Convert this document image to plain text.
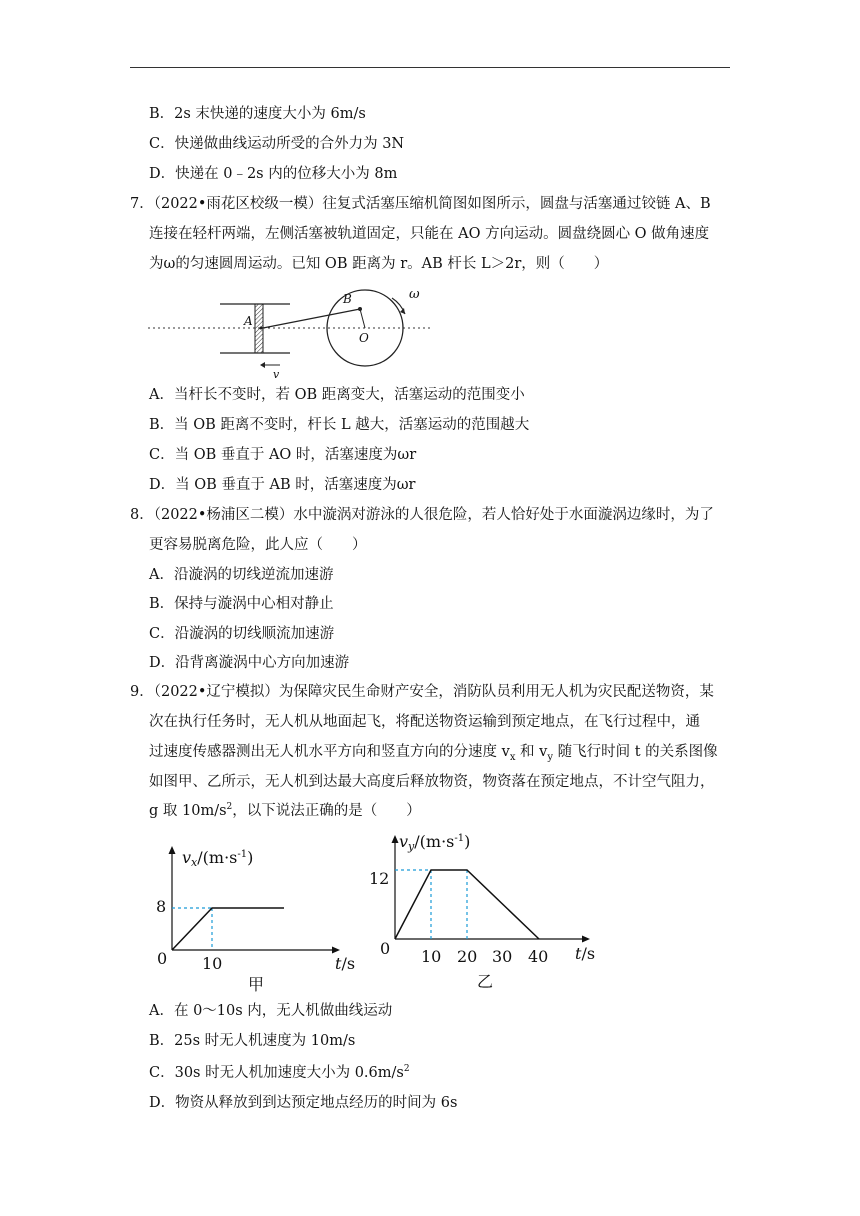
B．2s 末快递的速度大小为 6m/s
C．快递做曲线运动所受的合外力为 3N
D．快递在 0﹣2s 内的位移大小为 8m
7．（2022•雨花区校级一模）往复式活塞压缩机简图如图所示，圆盘与活塞通过铰链 A、B
连接在轻杆两端，左侧活塞被轨道固定，只能在 AO 方向运动。圆盘绕圆心 O 做角速度
为ω的匀速圆周运动。已知 OB 距离为 r。AB 杆长 L＞2r，则（　　）
A
B
O
ω
v
A．当杆长不变时，若 OB 距离变大，活塞运动的范围变小
B．当 OB 距离不变时，杆长 L 越大，活塞运动的范围越大
C．当 OB 垂直于 AO 时，活塞速度为ωr
D．当 OB 垂直于 AB 时，活塞速度为ωr
8．（2022•杨浦区二模）水中漩涡对游泳的人很危险，若人恰好处于水面漩涡边缘时，为了
更容易脱离危险，此人应（　　）
A．沿漩涡的切线逆流加速游
B．保持与漩涡中心相对静止
C．沿漩涡的切线顺流加速游
D．沿背离漩涡中心方向加速游
9．（2022•辽宁模拟）为保障灾民生命财产安全，消防队员利用无人机为灾民配送物资，某
次在执行任务时，无人机从地面起飞，将配送物资运输到预定地点，在飞行过程中，通
过速度传感器测出无人机水平方向和竖直方向的分速度 $v_x$ 和 $v_y$ 随飞行时间 t 的关系图像
如图甲、乙所示，无人机到达最大高度后释放物资，物资落在预定地点，不计空气阻力，
g 取 $10m/s^2$，以下说法正确的是（　　）
$vx/(m\cdot s^{-1})$
8
0 10	t/s
甲
$vy/(m\cdot s^{-1})$
12
0 10 20 30 40 t/s
乙
A．在 0～10s 内，无人机做曲线运动
B．25s 时无人机速度为 10m/s
C．30s 时无人机加速度大小为 $0.6m/s^2$
D．物资从释放到到达预定地点经历的时间为 6s
